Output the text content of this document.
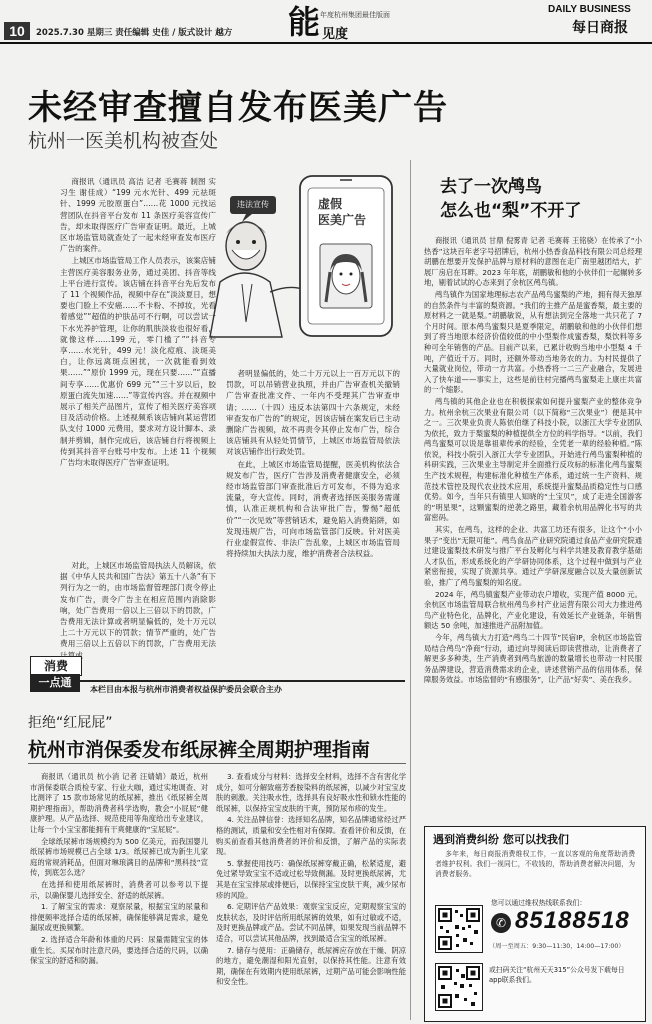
10	2025.7.30 星期三 责任编辑 史佳 / 版式设计 越方 能 年度杭州集团最佳版面
见度
DAILY BUSINESS
每日商报
未经审查擅自发布医美广告
杭州一医美机构被查处
违法宣传	虚假
医美广告

商报讯（通讯员 高洁 记者 毛赛蒋 制图 实习生 谢佳成）“199 元水光针、499 元祛斑针、1999 元胶原蛋白”……花 1000 元找运营团队在抖音平台发布 11 条医疗美容宣传广告，却未取得医疗广告审查证明。最近，上城区市场监管局就查处了一起未经审查发布医疗广告的案件。

上城区市场监管局工作人员表示，该案店铺主营医疗美容服务业务，通过美团、抖音等线上平台进行宣传。该店铺在抖音平台先后发布了 11 个视频作品，视频中存在“淡淡夏日，想要也门脸上不安癌……不卡粉、不掉妆，光看着感觉”“超值的护肤品可不行啊，可以尝试一下水光养护管理，让你的肌肤淡妆也很好看，就像这样……199 元，零门槛了”“抖音专享……水光针，499 元！淡化痘痕、淡斑美白，让你远离斑点困扰，一次就能看到效果……”“原价 1999 元，现在只要……”“直播间专享……优惠价 699 元”“三十岁以后，胶原蛋白流失加速……”等宣传内容。并在视频中展示了相关产品图片，宣传了相关医疗美容项目及活动价格。上述视频系该店铺向某运营团队支付 1000 元费用，要求对方设计脚本、录制并剪辑，制作完成后，该店铺自行将视频上传到其抖音平台账号中发布。上述 11 个视频广告均未取得医疗广告审查证明。

对此，上城区市场监管局执法人员解读，依据《中华人民共和国广告法》第五十八条“有下列行为之一的，由市场监督管理部门责令停止发布广告，责令广告主在相应范围内消除影响，处广告费用一倍以上三倍以下的罚款，广告费用无法计算或者明显偏低的，处十万元以上二十万元以下的罚款；情节严重的，处广告费用三倍以上五倍以下的罚款，广告费用无法

者明显偏低的，处二十万元以上一百万元以下的罚款，可以吊销营业执照，并由广告审查机关撤销广告审查批准文件、一年内不受理其广告审查申请；……（十四）违反本法第四十六条规定，未经审查发布广告的”的规定，因该店铺在案发后已主动删除广告视频，故不再责令其停止发布广告，综合该店铺具有从轻处罚情节，上城区市场监管局依法对该店铺作出行政处罚。

在此，上城区市场监管局提醒，医美机构依法合规发布广告，医疗广告涉及消费者健康安全，必须经市场监管部门审查批准后方可发布，不得为追求流量，夸大宣传。同时，消费者选择医美服务需谨慎，认准正规机构和合法审批广告，警惕“超低价”“一次见效”等营销话术，避免陷入消费陷阱，如发现违规广告，可向市场监管部门反映。针对医美行业虚假宣传、非法广告乱象，上城区市场监管局将持续加大执法力度，维护消费者合法权益。

去了一次鸬鸟
怎么也“梨”不开了

商报讯（通讯员 甘鼎 倪雾青 记者 毛赛蒋 王铭骁）在传承了“小热香”这块百年老字号招牌后，杭州小热香食品科技有限公司总经理胡鹏在想要开发保护品牌与原材料的意图在走广南里越团结大，扩展厂房启在耳畔。2023 年年底，胡鹏敏和他的小伙伴们一起辗转多地，剔着试试的心态来到了余杭区鸬鸟镇。

鸬鸟镇作为国家地理标志农产品鸬鸟蜜梨的产地，拥有得天独厚的自然条件与丰富的梨资源。“我们的主推产品是蜜香梨，最主要的原材料之一就是梨。”胡鹏敏说，从有想法到完全落地一共只花了 7 个月时间。原本鸬鸟蜜梨只是夏季限定，胡鹏敏和他的小伙伴们想到了将当地原本经济价值较低的中小型梨作成蜜香梨，梨饮料等多种可全年销售的产品。目前产以来，已累计收购当地中小型梨 4 千吨，产值近千万。同时，还额外带动当地务农的力。为村民提供了大量就业岗位，带动一方共富。小热香将一二三产业融合，发展进入了快车道——事实上，这些是前往村完播鸬鸟蜜梨走上康庄共富的一个缩影。

鸬鸟镇的其他企业也在积极探索如何提升蜜梨产业的整体竞争力。杭州余杭三次果业有限公司（以下简称“三次果业”）便是其中之一。三次果业负责人陈依伯继了科技小院，以浙江大学专业团队为依托，致力于梨蜜梨的种植提供全方位的科学指导。“以前，我们鸬鸟蜜梨可以说是靠祖辈传承的经验，全凭老一辈的经验种植。”陈依说，科技小院引入浙江大学专业团队，开始进行鸬鸟蜜梨种植的科研实践，三次果业主导制定并全面推行反攻标的标准化鸬鸟蜜梨生产技术规程，构建标准化种植生产体系，通过统一生产资料、规范技术管控及现代农业技术应用，系统提升蜜梨品质稳定性与口感优势。如今，当年只有镇里人知晓的“土宝贝”，成了走进全国游客的“明星果”，这颗蜜梨的逆袭之路里，藏着余杭用品牌化书写的共富密码。

其实，在鸬鸟，这样的企业、共富工坊还有很多，让这个“小小果子”变出“无限可能”。鸬鸟食品产业研究院通过食品产业研究院通过建设蜜梨技术研发与推广平台及孵化与科学共建及教育教学基础人才队伍，形成系统化的产学研协同体系，这个过程中做到与产业紧密衔接，实现了资源共享。通过产学研深度融合以及大量创新试验，推广了鸬鸟蜜梨的知名度。

2024 年，鸬鸟镇蜜梨产业带动农户增收，实现产值 8000 元。余杭区市场监管局联合杭州鸬鸟乡村产业运营有限公司大力推进鸬鸟产业特色化，品牌化，产业化建设，有效延长产业链条，年销售额达 50 余吨，加速推进产品附加值。

今年，鸬鸟镇大力打造“鸬鸟二十四节”民宿IP，余杭区市场监管局结合鸬鸟“净商”行动，通过向导阅读后即读营推动，让消费者了解更多多种类，生产消费者到鸬鸟旅游的数量增长也带动一村民服务品牌建设，营造消费需求的企业，讲述营销产品的信用体系，保障服务效益。市场监督的“有感服务”，让产品“好卖”、美在我乡。

消费
一点通
本栏目由本报与杭州市消费者权益保护委员会联合主办
拒绝“红屁屁”
杭州市消保委发布纸尿裤全周期护理指南

商报讯（通讯员 杭小消 记者 汪婧婧）最近，杭州市消保委联合质检专家、行业大咖，通过实地调查、对比测评了 15 款市场常见的纸尿裤，推出《纸尿裤全周期护理指南》，帮助消费者科学选购，教会“小屁屁”健康护理。从产品选择、规范使用等角度给出专业建议，让每一个小宝宝都能拥有干爽健康的“宝屁屁”。

全球纸尿裤市场规模约为 500 亿美元，而我国婴儿纸尿裤市场规模已占全球 1/3。纸尿裤已成为新生儿家庭的常规消耗品，但面对琳琅满目的品牌和“黑科技”宣传，到底怎么选？

在选择和使用纸尿裤时，消费者可以参考以下提示，以确保婴儿选择安全、舒适的纸尿裤。

1. 了解宝宝的需求：观察尿量，根据宝宝的尿量和排便频率选择合适的纸尿裤，确保能够满足需求，避免漏尿或更换频繁。

2. 选择适合年龄和体重的尺码：尿量需随宝宝的体重生长。买尿布时注意尺码，要选择合适的尺码，以确保宝宝的舒适和防漏。

3. 查看成分与材料：选择安全材料，选择不含有害化学成分，如可分解致癌芳香胺染料的纸尿裤，以减少对宝宝皮肤的刺激。关注吸水性，选择具有良好吸水性和锁水性能的纸尿裤，以保持宝宝皮肤的干爽，预防尿布疹的发生。

4. 关注品牌信誉：选择知名品牌，知名品牌通常经过严格的测试，质量和安全性相对有保障。查看评价和反馈，在购买前查看其他消费者的评价和反馈，了解产品的实际表现。

5. 掌握使用技巧：确保纸尿裤穿戴正确，松紧适度，避免过紧导致宝宝不适或过松导致侧漏。及时更换纸尿裤，尤其是在宝宝排尿或排便后，以保持宝宝皮肤干爽，减少尿布疹的风险。

6. 定期评估产品效果：观察宝宝反应，定期观察宝宝的皮肤状态，及时评估所用纸尿裤的效果，如有过敏或不适，及时更换品牌或产品。尝试不同品牌，如果发现当前品牌不适合，可以尝试其他品牌，找到最适合宝宝的纸尿裤。

7. 储存与使用：正确储存，纸尿裤应存放在干燥、阴凉的地方，避免潮湿和阳光直射，以保持其性能。注意有效期，确保在有效期内使用纸尿裤，过期产品可能会影响性能和安全性。

遇到消费纠纷 您可以找我们
多年来，每日商报消费维权工作，一直以客观的角度帮助消费者维护权利。我们一视同仁，不收钱的，帮助消费者解决问题，为消费者服务。
您可以通过维权热线联系我们：
✆ 85188518
（周一至周五：9:30—11:30，14:00—17:00）
或扫码关注“杭州天天315”公众号发下载每日app联系我们。
